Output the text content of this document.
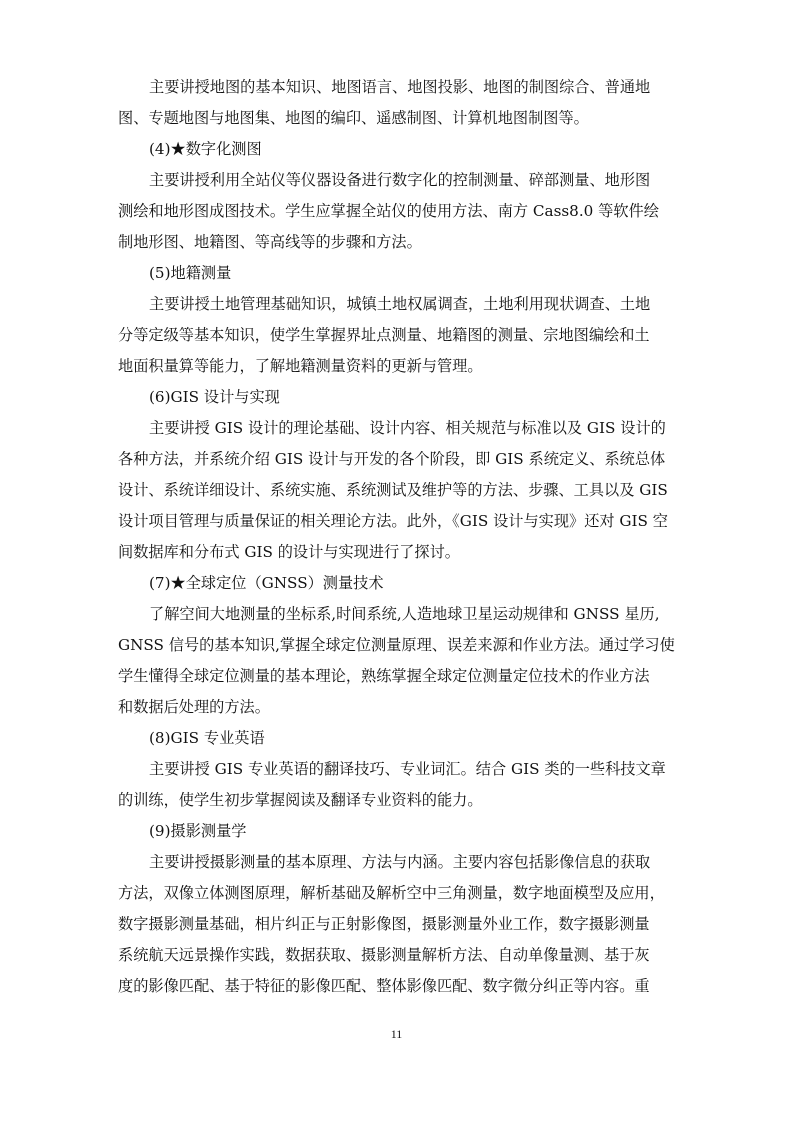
主要讲授地图的基本知识、地图语言、地图投影、地图的制图综合、普通地
图、专题地图与地图集、地图的编印、遥感制图、计算机地图制图等。
(4)★数字化测图
主要讲授利用全站仪等仪器设备进行数字化的控制测量、碎部测量、地形图
测绘和地形图成图技术。学生应掌握全站仪的使用方法、南方 Cass8.0 等软件绘
制地形图、地籍图、等高线等的步骤和方法。
(5)地籍测量
主要讲授土地管理基础知识，城镇土地权属调查，土地利用现状调查、土地
分等定级等基本知识，使学生掌握界址点测量、地籍图的测量、宗地图编绘和土
地面积量算等能力，了解地籍测量资料的更新与管理。
(6)GIS 设计与实现
主要讲授 GIS 设计的理论基础、设计内容、相关规范与标准以及 GIS 设计的
各种方法，并系统介绍 GIS 设计与开发的各个阶段，即 GIS 系统定义、系统总体
设计、系统详细设计、系统实施、系统测试及维护等的方法、步骤、工具以及 GIS
设计项目管理与质量保证的相关理论方法。此外，《GIS 设计与实现》还对 GIS 空
间数据库和分布式 GIS 的设计与实现进行了探讨。
(7)★全球定位（GNSS）测量技术
了解空间大地测量的坐标系,时间系统,人造地球卫星运动规律和 GNSS 星历,
GNSS 信号的基本知识,掌握全球定位测量原理、误差来源和作业方法。通过学习使
学生懂得全球定位测量的基本理论，熟练掌握全球定位测量定位技术的作业方法
和数据后处理的方法。
(8)GIS 专业英语
主要讲授 GIS 专业英语的翻译技巧、专业词汇。结合 GIS 类的一些科技文章
的训练，使学生初步掌握阅读及翻译专业资料的能力。
(9)摄影测量学
主要讲授摄影测量的基本原理、方法与内涵。主要内容包括影像信息的获取
方法，双像立体测图原理，解析基础及解析空中三角测量，数字地面模型及应用，
数字摄影测量基础，相片纠正与正射影像图，摄影测量外业工作，数字摄影测量
系统航天远景操作实践，数据获取、摄影测量解析方法、自动单像量测、基于灰
度的影像匹配、基于特征的影像匹配、整体影像匹配、数字微分纠正等内容。重
11
